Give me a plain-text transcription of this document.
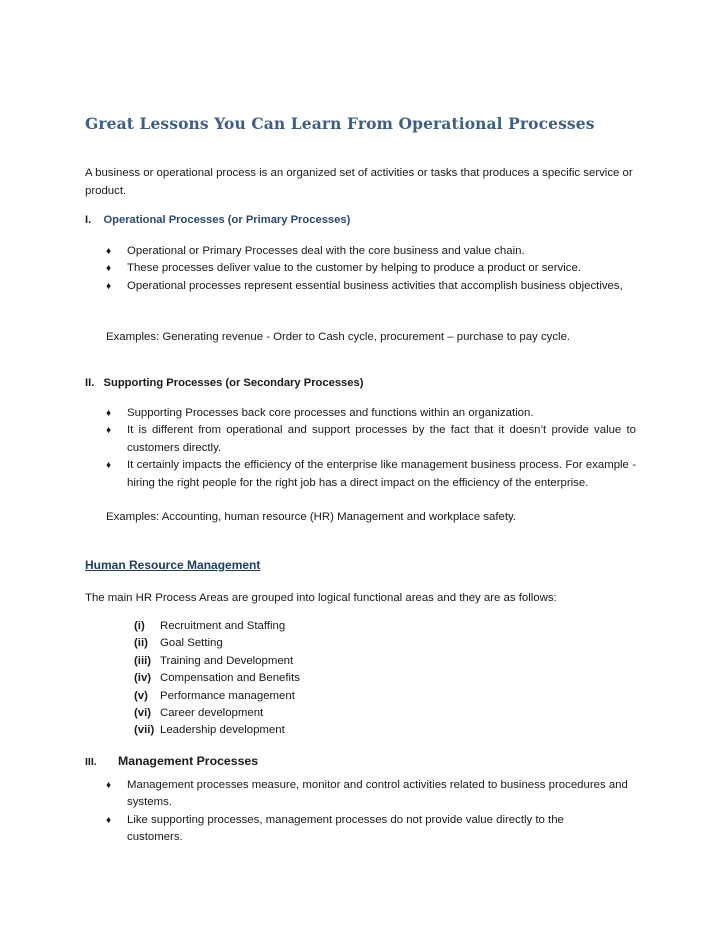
Great Lessons You Can Learn From Operational Processes
A business or operational process is an organized set of activities or tasks that produces a specific service or product.
I. Operational Processes (or Primary Processes)
♦ Operational or Primary Processes deal with the core business and value chain.
♦ These processes deliver value to the customer by helping to produce a product or service.
♦ Operational processes represent essential business activities that accomplish business objectives,
Examples: Generating revenue - Order to Cash cycle, procurement – purchase to pay cycle.
II. Supporting Processes (or Secondary Processes)
♦ Supporting Processes back core processes and functions within an organization.
♦ It is different from operational and support processes by the fact that it doesn’t provide value to customers directly.
♦ It certainly impacts the efficiency of the enterprise like management business process. For example - hiring the right people for the right job has a direct impact on the efficiency of the enterprise.
Examples: Accounting, human resource (HR) Management and workplace safety.
Human Resource Management
The main HR Process Areas are grouped into logical functional areas and they are as follows:
(i)	Recruitment and Staffing
(ii)	Goal Setting
(iii) Training and Development
(iv) Compensation and Benefits
(v)	Performance management
(vi) Career development
(vii) Leadership development
III. Management Processes
♦ Management processes measure, monitor and control activities related to business procedures and systems.
♦ Like supporting processes, management processes do not provide value directly to the customers.
